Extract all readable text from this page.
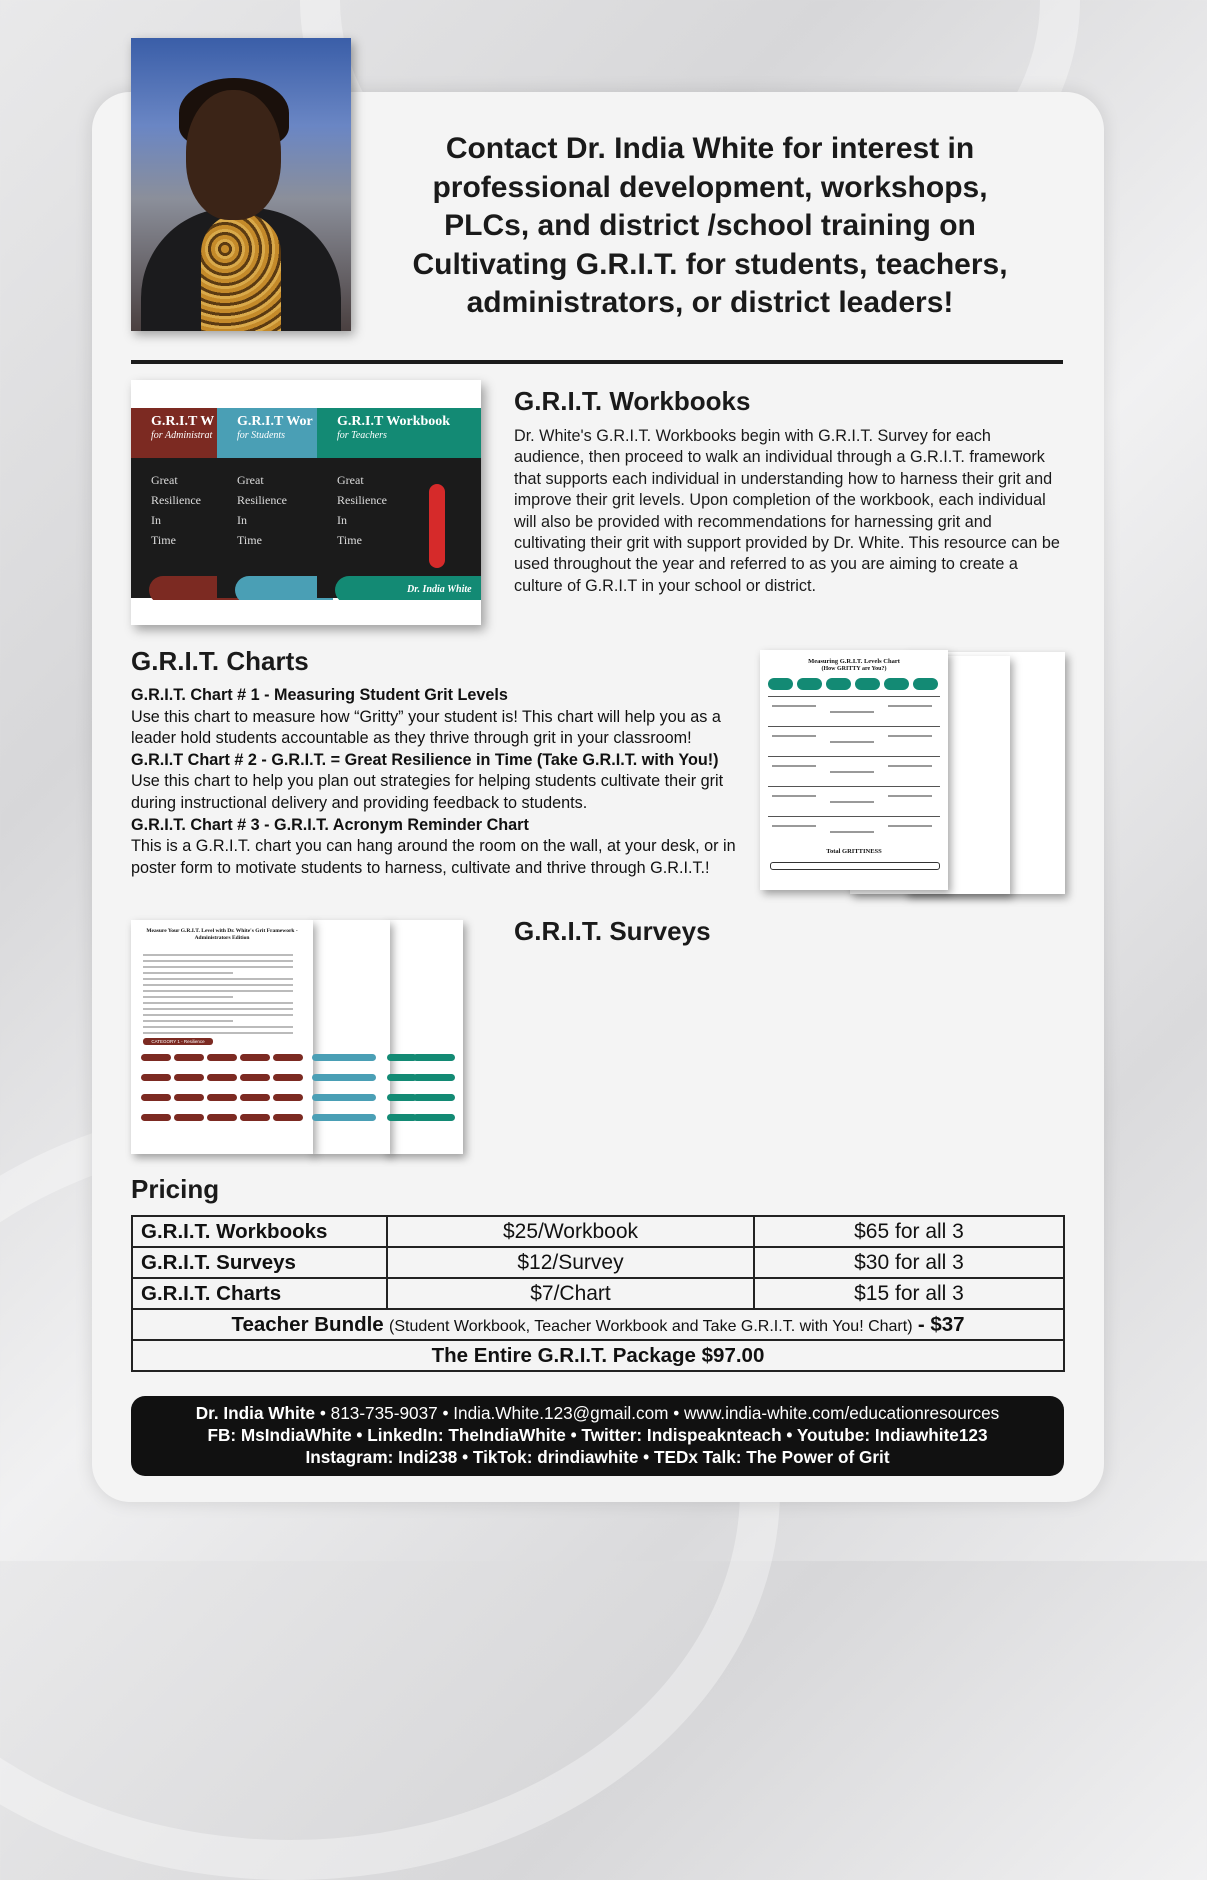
Contact Dr. India White for interest in professional development, workshops, PLCs, and district /school training on Cultivating G.R.I.T. for students, teachers, administrators, or district leaders!
G.R.I.T W
for Administrat
Great
Resilience
In
Time
G.R.I.T Wor
for Students
Great
Resilience
In
Time
G.R.I.T Workbook
for Teachers
Great
Resilience
In
Time
Dr. India White
G.R.I.T. Workbooks
Dr. White's G.R.I.T. Workbooks begin with G.R.I.T. Survey for each audience, then proceed to walk an individual through a G.R.I.T. framework that supports each individual in understanding how to harness their grit and improve their grit levels. Upon completion of the workbook, each individual will also be provided with recommendations for harnessing grit and cultivating their grit with support provided by Dr. White. This resource can be used throughout the year and referred to as you are aiming to create a culture of G.R.I.T in your school or district.
G.R.I.T. Charts
G.R.I.T. Chart # 1 - Measuring Student Grit Levels
Use this chart to measure how “Gritty” your student is! This chart will help you as a leader hold students accountable as they thrive through grit in your classroom!
G.R.I.T Chart # 2 - G.R.I.T. = Great Resilience in Time (Take G.R.I.T. with You!)
Use this chart to help you plan out strategies for helping students cultivate their grit during instructional delivery and providing feedback to students.
G.R.I.T. Chart # 3 - G.R.I.T. Acronym Reminder Chart
This is a G.R.I.T. chart you can hang around the room on the wall, at your desk, or in poster form to motivate students to harness, cultivate and thrive through G.R.I.T.!
Measuring G.R.I.T. Levels Chart
(How GRITTY are You?)
Total GRITTINESS
Measure Your G.R.I.T. Level with Dr. White's Grit Framework - Administrators Edition
CATEGORY 1 - Resilience
G.R.I.T. Surveys
Pricing
G.R.I.T. Workbooks	$25/Workbook	$65 for all 3
G.R.I.T. Surveys	$12/Survey	$30 for all 3
G.R.I.T. Charts	$7/Chart	$15 for all 3
Teacher Bundle (Student Workbook, Teacher Workbook and Take G.R.I.T. with You! Chart) - $37		
The Entire G.R.I.T. Package $97.00		
Dr. India White • 813-735-9037 • India.White.123@gmail.com • www.india-white.com/educationresources
FB: MsIndiaWhite • LinkedIn: TheIndiaWhite • Twitter: Indispeaknteach • Youtube: Indiawhite123
Instagram: Indi238 • TikTok: drindiawhite • TEDx Talk: The Power of Grit
